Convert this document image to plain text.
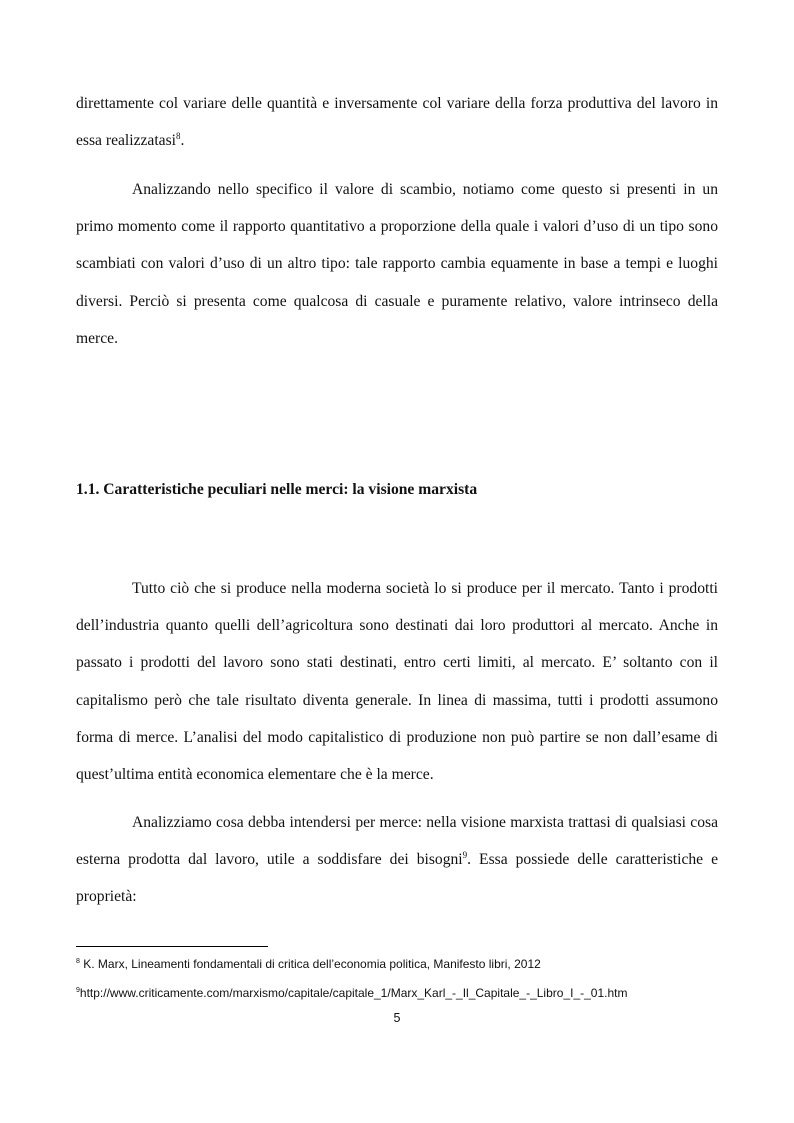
direttamente col variare delle quantità e inversamente col variare della forza produttiva del lavoro in essa realizzatasi$^8$.

Analizzando nello specifico il valore di scambio, notiamo come questo si presenti in un primo momento come il rapporto quantitativo a proporzione della quale i valori d’uso di un tipo sono scambiati con valori d’uso di un altro tipo: tale rapporto cambia equamente in base a tempi e luoghi diversi. Perciò si presenta come qualcosa di casuale e puramente relativo, valore intrinseco della merce.

1.1. Caratteristiche peculiari nelle merci: la visione marxista

Tutto ciò che si produce nella moderna società lo si produce per il mercato. Tanto i prodotti dell’industria quanto quelli dell’agricoltura sono destinati dai loro produttori al mercato. Anche in passato i prodotti del lavoro sono stati destinati, entro certi limiti, al mercato. E’ soltanto con il capitalismo però che tale risultato diventa generale. In linea di massima, tutti i prodotti assumono forma di merce. L’analisi del modo capitalistico di produzione non può partire se non dall’esame di quest’ultima entità economica elementare che è la merce.

Analizziamo cosa debba intendersi per merce: nella visione marxista trattasi di qualsiasi cosa esterna prodotta dal lavoro, utile a soddisfare dei bisogni$^9$. Essa possiede delle caratteristiche e proprietà:

$^8$ K. Marx, Lineamenti fondamentali di critica dell’economia politica, Manifesto libri, 2012

$^9$http://www.criticamente.com/marxismo/capitale/capitale_1/Marx_Karl_-_Il_Capitale_-_Libro_I_-_01.htm

5
